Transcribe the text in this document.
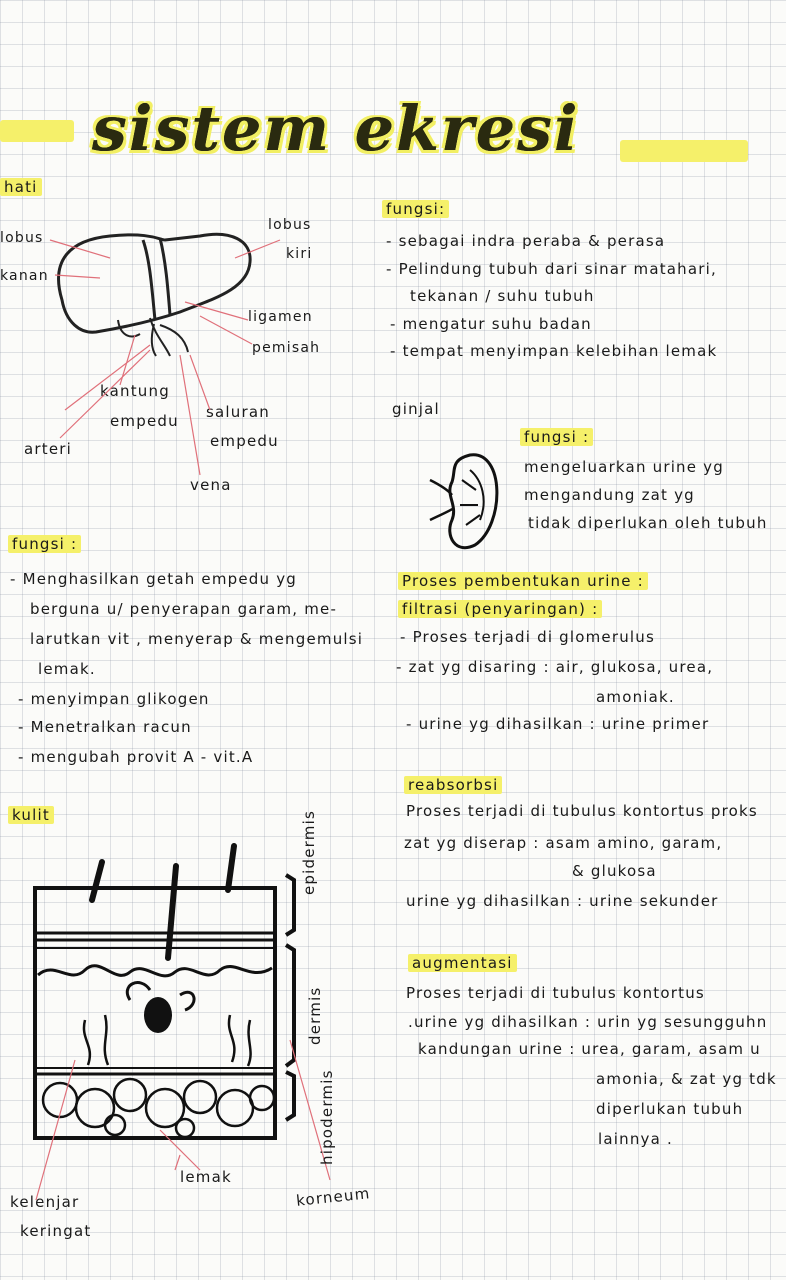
sistem ekresi
hati
lobus
kanan
lobus
kiri
ligamen
pemisah
kantung
empedu saluran
empedu
arteri
vena
fungsi :
- Menghasilkan getah empedu yg
berguna u/ penyerapan garam, me-
larutkan vit , menyerap & mengemulsi
lemak.
- menyimpan glikogen
- Menetralkan racun
- mengubah provit A - vit.A
kulit	epidermis
dermis
hipodermis
kelenjar
keringat
lemak
korneum
fungsi:
- sebagai indra peraba & perasa
- Pelindung tubuh dari sinar matahari,
tekanan / suhu tubuh
- mengatur suhu badan
- tempat menyimpan kelebihan lemak
ginjal
fungsi :
mengeluarkan urine yg
mengandung zat yg
tidak diperlukan oleh tubuh
Proses pembentukan urine :
filtrasi (penyaringan) :
- Proses terjadi di glomerulus
- zat yg disaring : air, glukosa, urea,
amoniak.
- urine yg dihasilkan : urine primer
reabsorbsi
Proses terjadi di tubulus kontortus proks
zat yg diserap : asam amino, garam,
& glukosa
urine yg dihasilkan : urine sekunder
augmentasi
Proses terjadi di tubulus kontortus
.urine yg dihasilkan : urin yg sesungguhn
kandungan urine : urea, garam, asam u
amonia, & zat yg tdk
diperlukan tubuh
lainnya .
